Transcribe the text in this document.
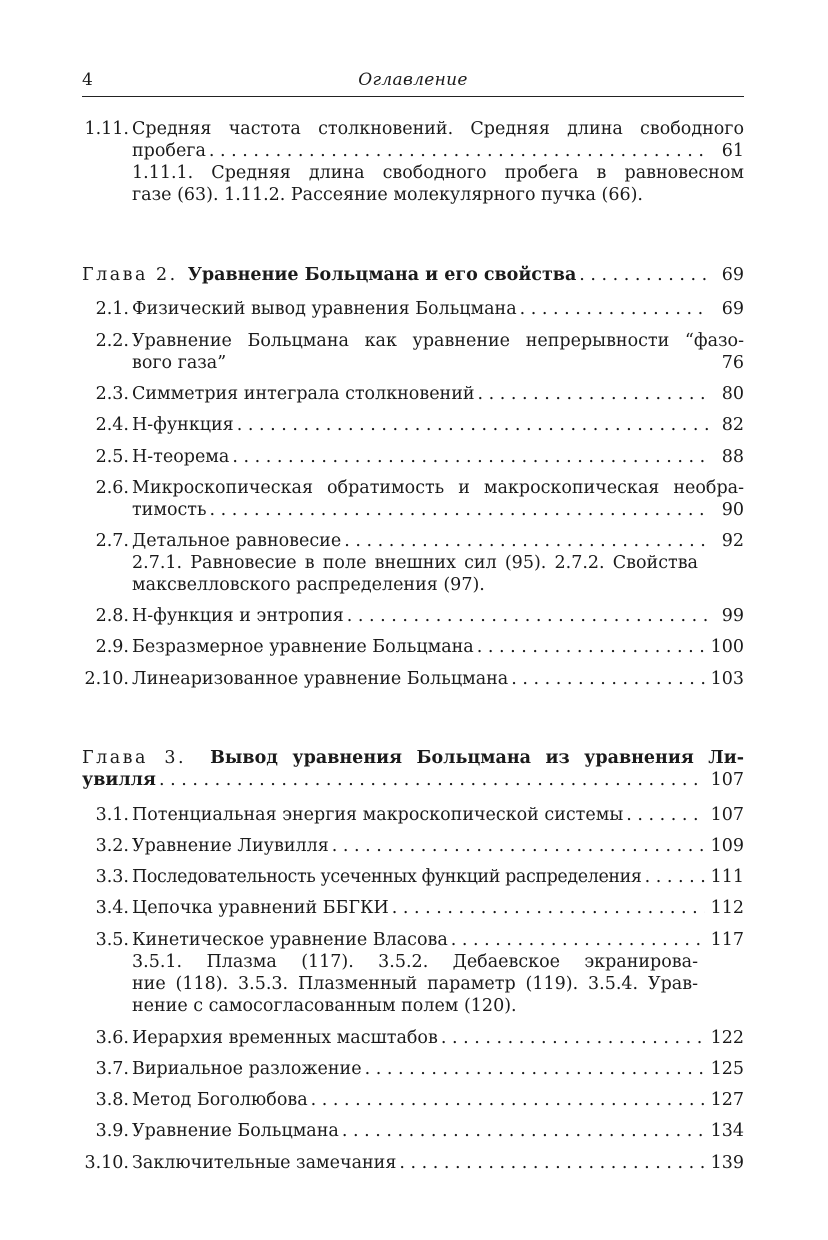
4	Оглавление
1.11. Средняя частота столкновений. Средняя длина свободного
пробега . . .	61
1.11.1. Средняя длина свободного пробега в равновесном
газе (63). 1.11.2. Рассеяние молекулярного пучка (66).
Глава 2. Уравнение Больцмана и его свойства . . .	69
2.1. Физический вывод уравнения Больцмана . . .	69
2.2. Уравнение Больцмана как уравнение непрерывности “фазо-
вого газа”	76
2.3. Симметрия интеграла столкновений . . .	80
2.4. H-функция . . .	82
2.5. H-теорема . . .	88
2.6. Микроскопическая обратимость и макроскопическая необра-
тимость . . .	90
2.7. Детальное равновесие . . .	92
2.7.1. Равновесие в поле внешних сил (95). 2.7.2. Свойства
максвелловского распределения (97).
2.8. H-функция и энтропия . . .	99
2.9. Безразмерное уравнение Больцмана . . .	100
2.10. Линеаризованное уравнение Больцмана . . .	103
Глава 3. Вывод уравнения Больцмана из уравнения Ли-
увилля . . .	107
3.1. Потенциальная энергия макроскопической системы . . .	107
3.2. Уравнение Лиувилля . . .	109
3.3. Последовательность усеченных функций распределения . . .	111
3.4. Цепочка уравнений ББГКИ . . .	112
3.5. Кинетическое уравнение Власова . . .	117
3.5.1. Плазма (117). 3.5.2. Дебаевское экранирова-
ние (118). 3.5.3. Плазменный параметр (119). 3.5.4. Урав-
нение с самосогласованным полем (120).
3.6. Иерархия временных масштабов . . .	122
3.7. Вириальное разложение . . .	125
3.8. Метод Боголюбова . . .	127
3.9. Уравнение Больцмана . . .	134
3.10. Заключительные замечания . . .	139
